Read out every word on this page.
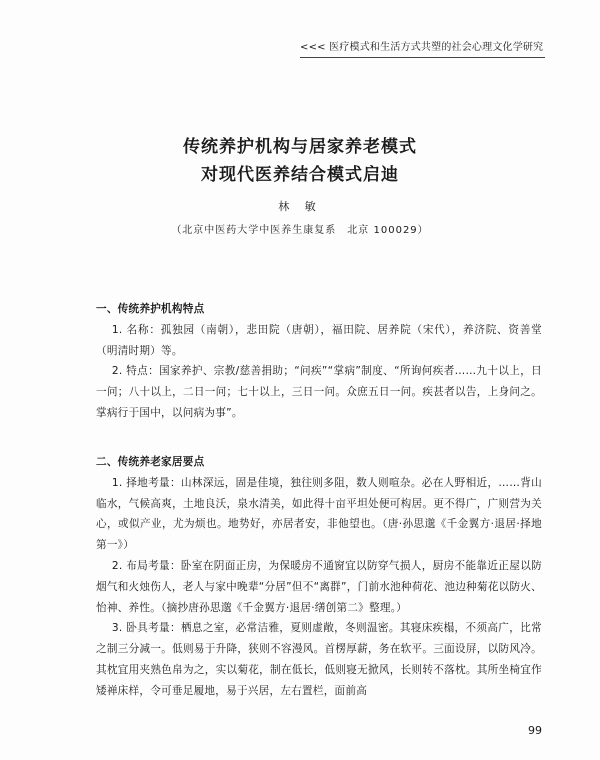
<<< 医疗模式和生活方式共塑的社会心理文化学研究
传统养护机构与居家养老模式
对现代医养结合模式启迪
林 敏
（北京中医药大学中医养生康复系　北京 100029）
一、传统养护机构特点

1. 名称：孤独园（南朝），悲田院（唐朝），福田院、居养院（宋代），养济院、资善堂（明清时期）等。

2. 特点：国家养护、宗教/慈善捐助；“问疾”“掌病”制度、“所询何疾者……九十以上，日一问；八十以上，二日一问；七十以上，三日一问。众庶五日一问。疾甚者以告，上身问之。掌病行于国中，以问病为事”。

二、传统养老家居要点

1. 择地考量：山林深远，固是佳境，独往则多阻，数人则喧杂。必在人野相近，……背山临水，气候高爽，土地良沃，泉水清美，如此得十亩平坦处便可构居。更不得广，广则营为关心，或似产业，尤为烦也。地势好，亦居者安，非他望也。（唐·孙思邈《千金翼方·退居·择地第一》）

2. 布局考量：卧室在阴面正房，为保暖房不通窗宜以防穿气损人，厨房不能靠近正屋以防烟气和火烛伤人，老人与家中晚辈“分居”但不“离群”，门前水池种荷花、池边种菊花以防火、怡神、养性。（摘抄唐孙思邈《千金翼方·退居·缮创第二》整理。）

3. 卧具考量：栖息之室，必常洁雅，夏则虚敞，冬则温密。其寝床疾榻，不须高广，比常之制三分减一。低则易于升降，狭则不容漫风。首楞厚薪，务在软平。三面设屏，以防风冷。其枕宜用夹熟色帛为之，实以菊花，制在低长，低则寝无掀风，长则转不落枕。其所坐椅宜作矮禅床样，令可垂足履地，易于兴居，左右置栏，面前高

99
